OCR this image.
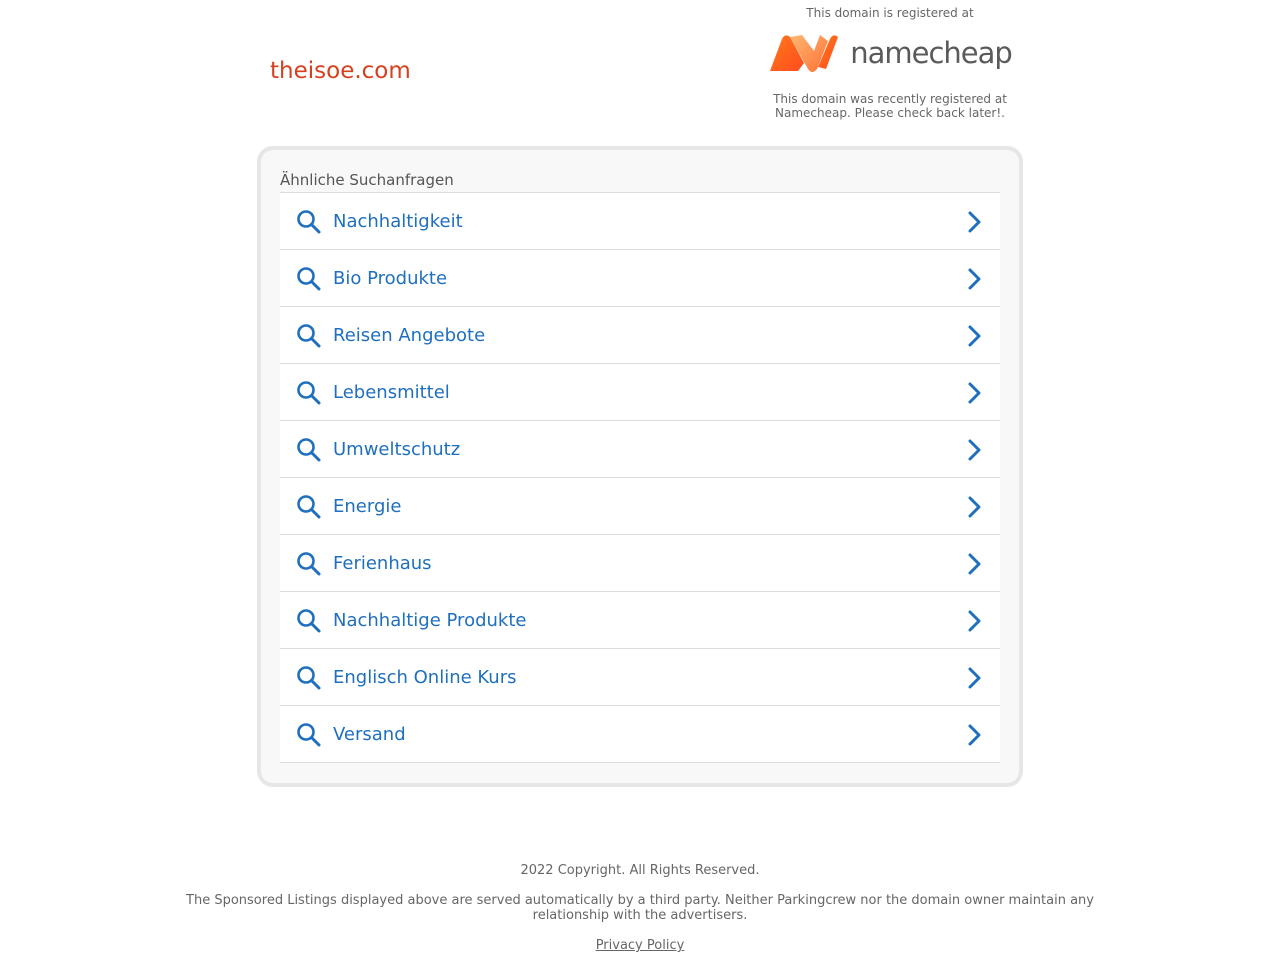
theisoe.com
This domain is registered at
namecheap
This domain was recently registered at Namecheap. Please check back later!.
Ähnliche Suchanfragen
Nachhaltigkeit
Bio Produkte
Reisen Angebote
Lebensmittel
Umweltschutz
Energie
Ferienhaus
Nachhaltige Produkte
Englisch Online Kurs
Versand
2022 Copyright. All Rights Reserved.
The Sponsored Listings displayed above are served automatically by a third party. Neither Parkingcrew nor the domain owner maintain any relationship with the advertisers.
Privacy Policy
